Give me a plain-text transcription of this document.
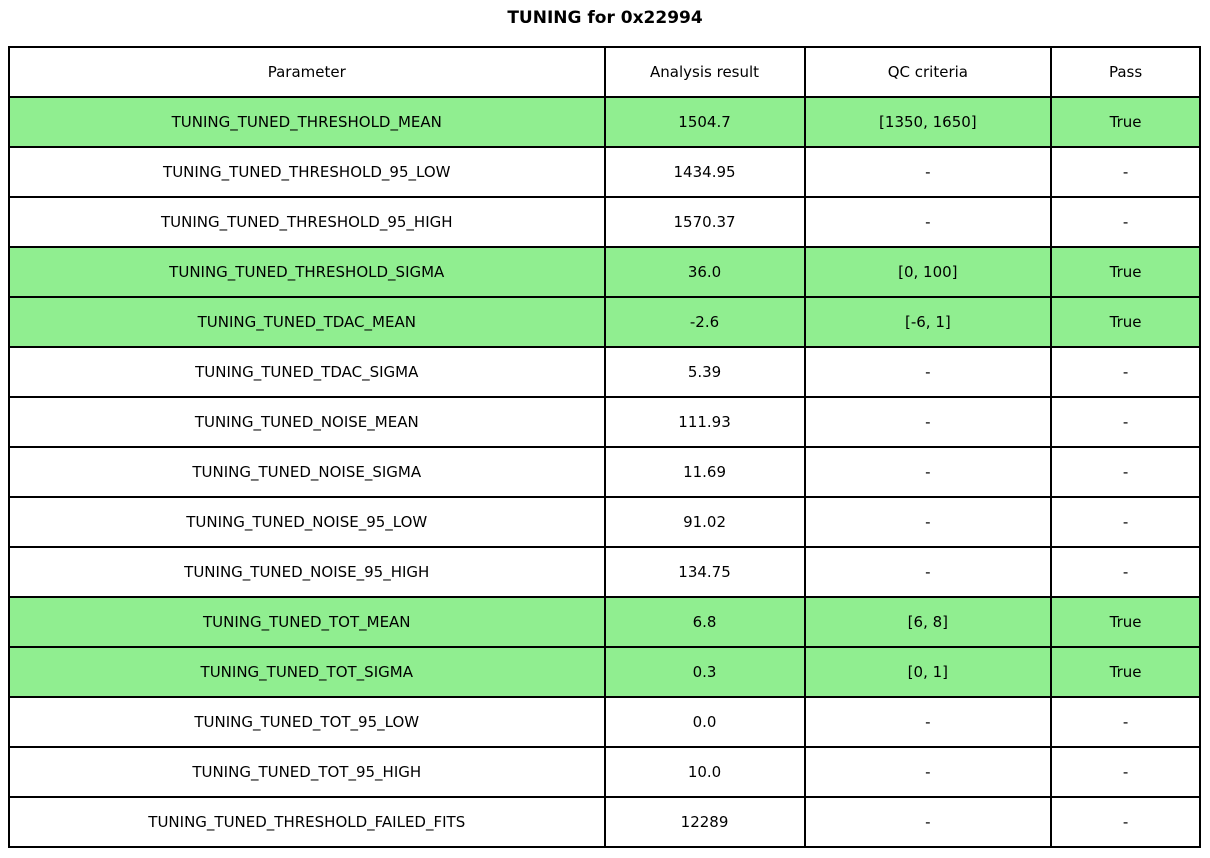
TUNING for 0x22994
Parameter	Analysis result	QC criteria	Pass
TUNING_TUNED_THRESHOLD_MEAN	1504.7	[1350, 1650]	True
TUNING_TUNED_THRESHOLD_95_LOW	1434.95	-	-
TUNING_TUNED_THRESHOLD_95_HIGH	1570.37	-	-
TUNING_TUNED_THRESHOLD_SIGMA	36.0	[0, 100]	True
TUNING_TUNED_TDAC_MEAN	-2.6	[-6, 1]	True
TUNING_TUNED_TDAC_SIGMA	5.39	-	-
TUNING_TUNED_NOISE_MEAN	111.93	-	-
TUNING_TUNED_NOISE_SIGMA	11.69	-	-
TUNING_TUNED_NOISE_95_LOW	91.02	-	-
TUNING_TUNED_NOISE_95_HIGH	134.75	-	-
TUNING_TUNED_TOT_MEAN	6.8	[6, 8]	True
TUNING_TUNED_TOT_SIGMA	0.3	[0, 1]	True
TUNING_TUNED_TOT_95_LOW	0.0	-	-
TUNING_TUNED_TOT_95_HIGH	10.0	-	-
TUNING_TUNED_THRESHOLD_FAILED_FITS	12289	-	-
